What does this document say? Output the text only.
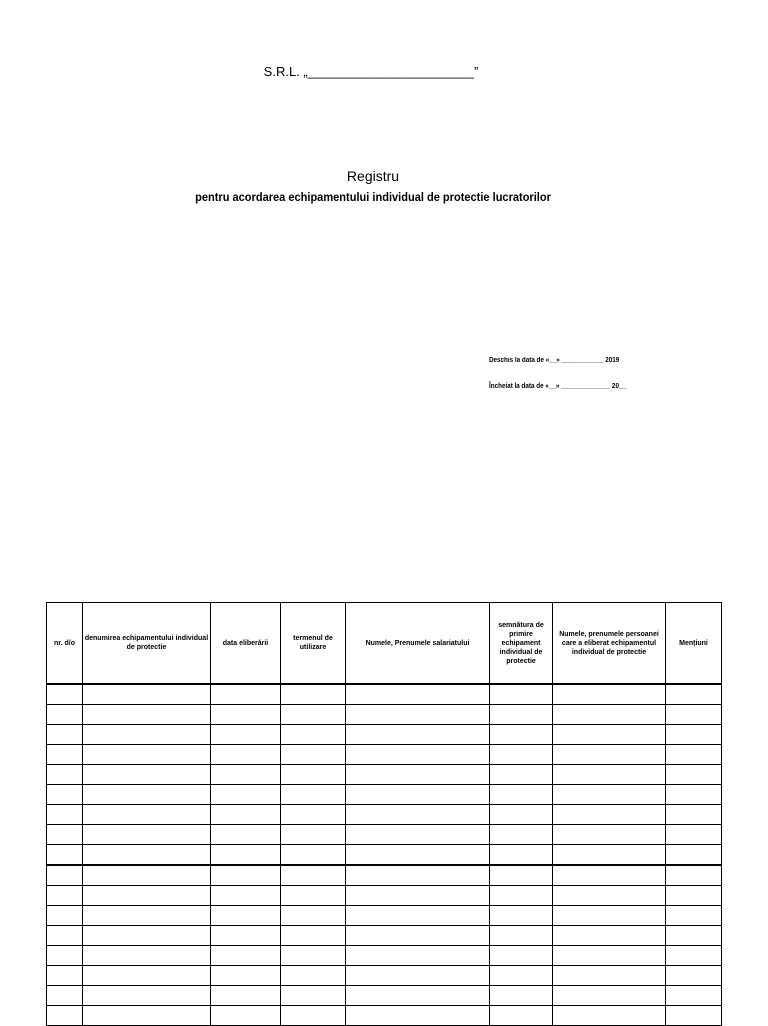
S.R.L. „_______________________”
Registru
pentru acordarea echipamentului individual de protectie lucratorilor
Deschis la data de «__» ____________ 2019
Încheiat la data de «__» ______________ 20__
nr. d/o	denumirea echipamentului individual de protectie	data eliberării	termenul de utilizare	Numele, Prenumele salariatului	semnătura de primire echipament individual de protectie	Numele, prenumele persoanei care a eliberat echipamentul individual de protectie	Mențiuni
